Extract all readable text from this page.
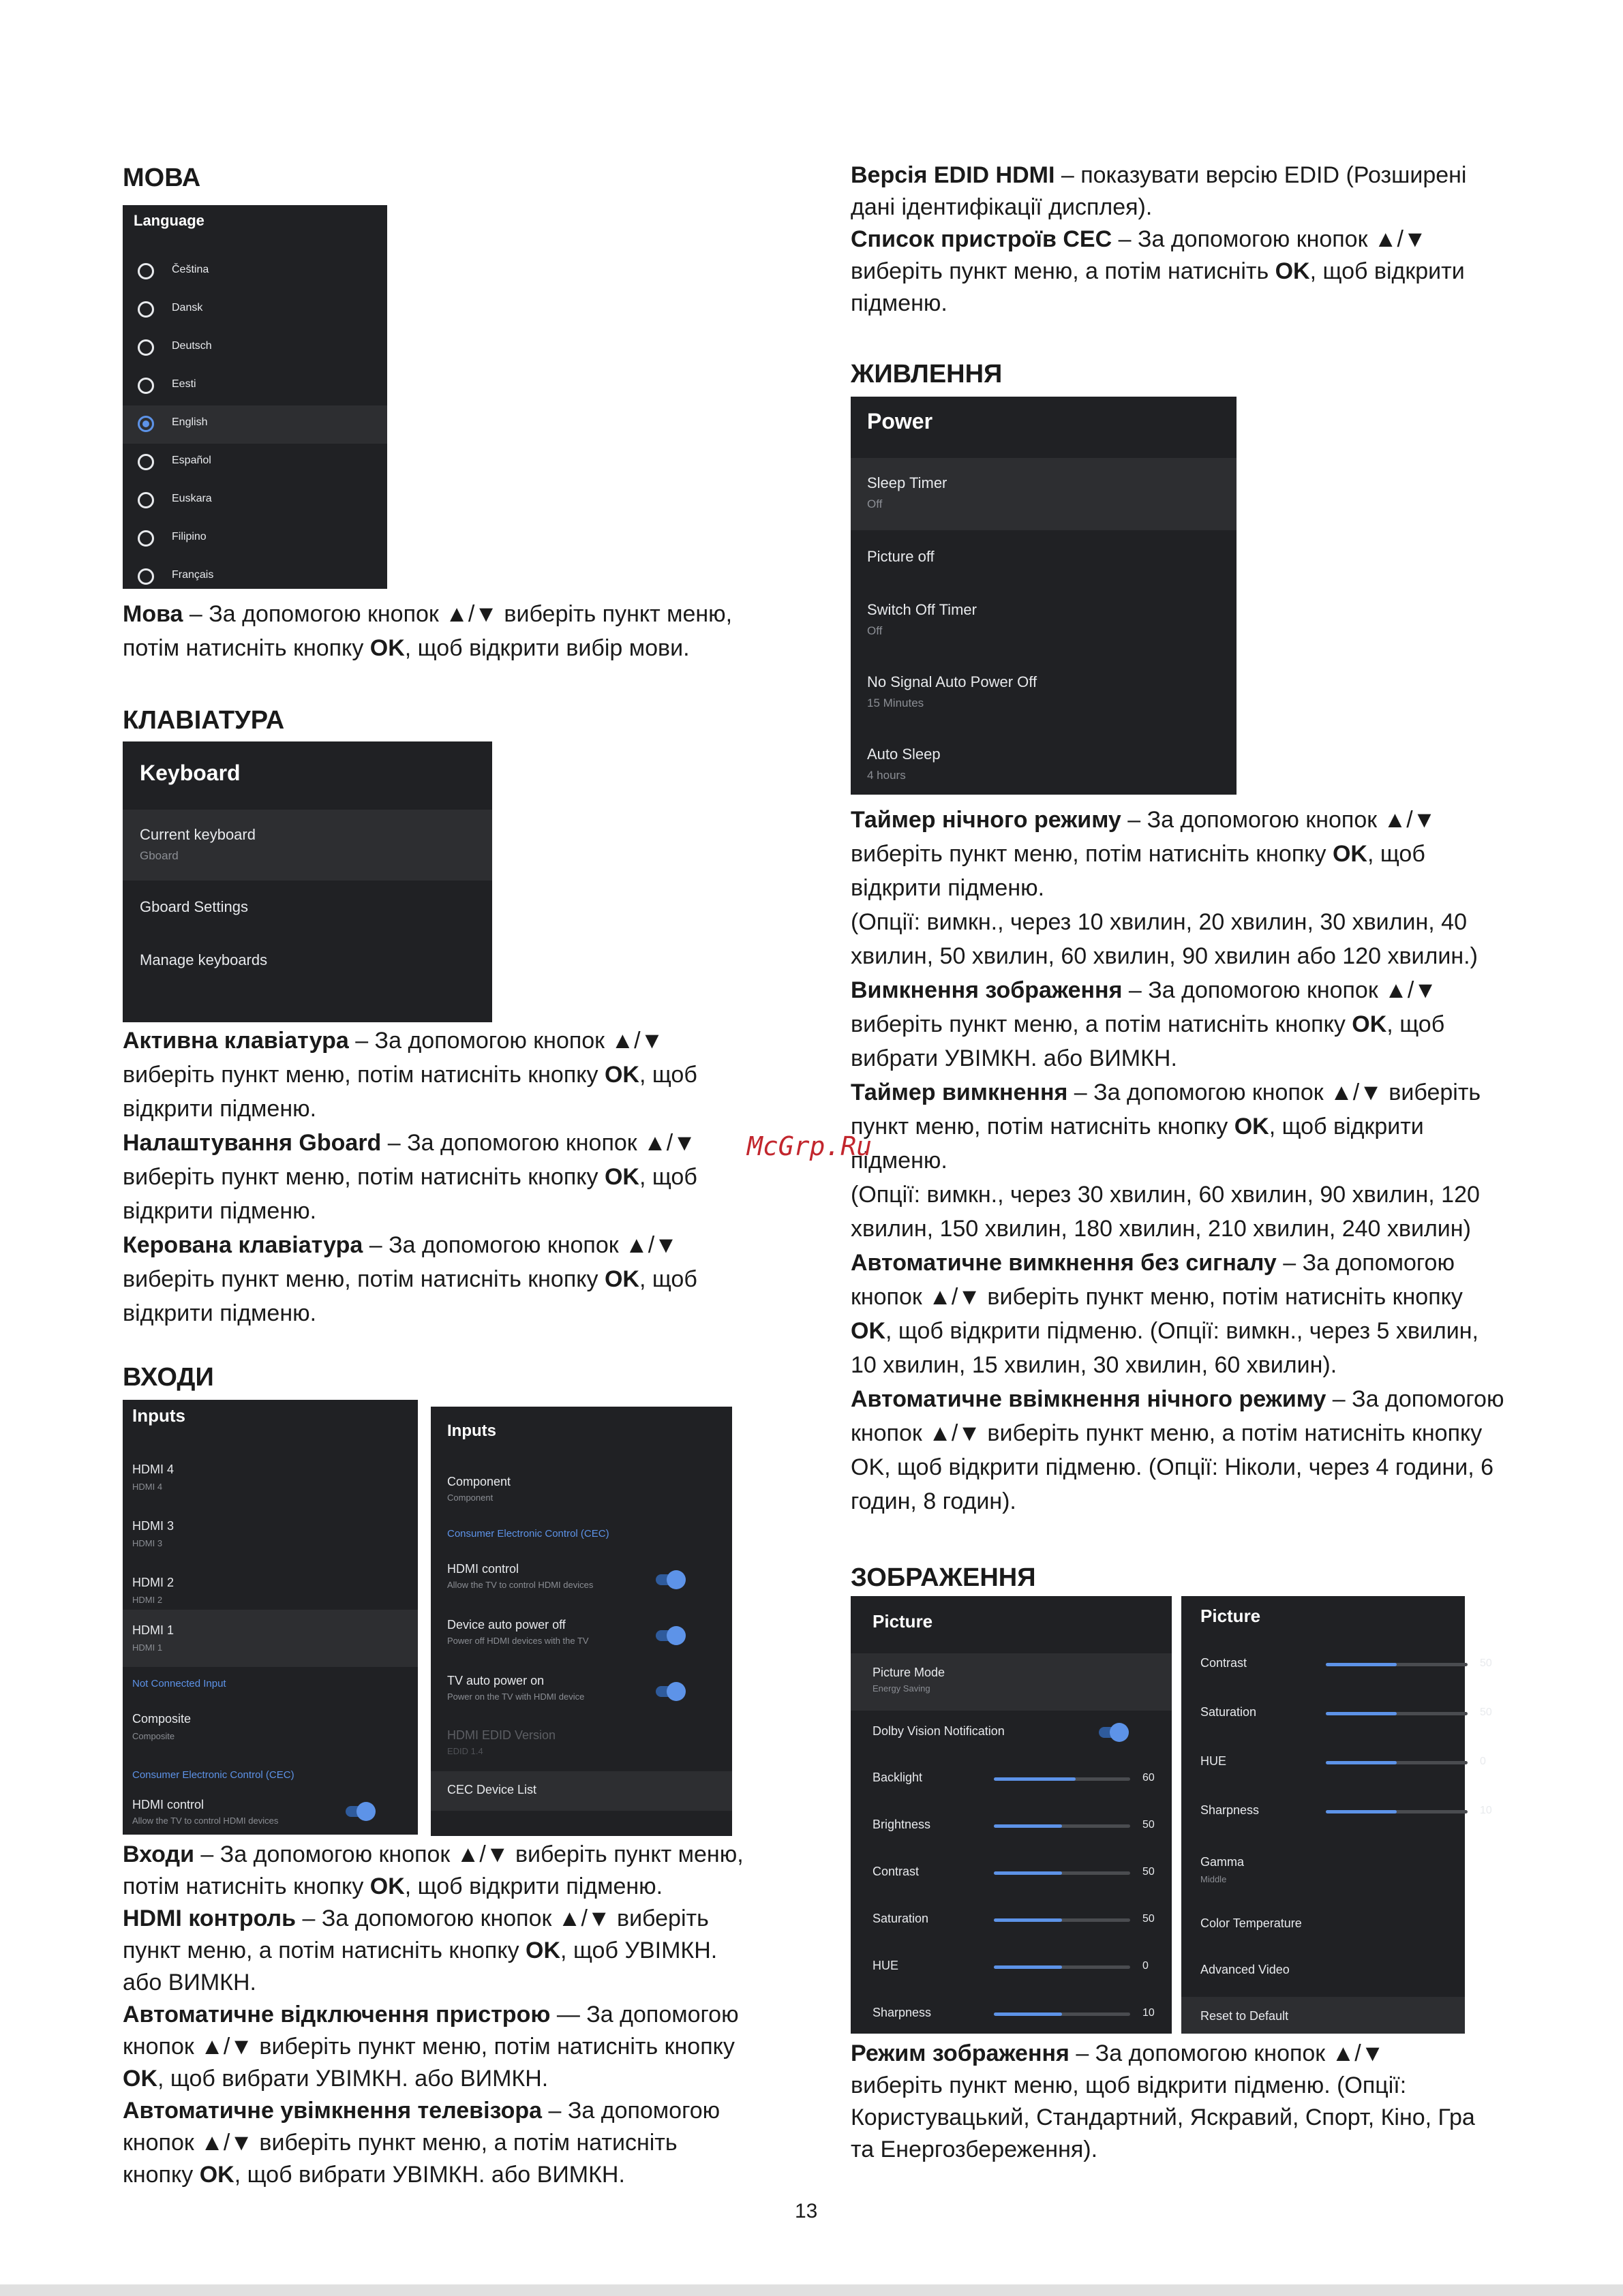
МОВА
Language
Čeština
Dansk
Deutsch
Eesti
English
Español
Euskara
Filipino
Français

Мова – За допомогою кнопок ▲/▼ виберіть пункт меню,
потім натисніть кнопку OK, щоб відкрити вибір мови.

КЛАВІАТУРА
Keyboard
Current keyboard
Gboard
Gboard Settings
Manage keyboards

Активна клавіатура – За допомогою кнопок ▲/▼
виберіть пункт меню, потім натисніть кнопку OK, щоб
відкрити підменю.
Налаштування Gboard – За допомогою кнопок ▲/▼
виберіть пункт меню, потім натисніть кнопку OK, щоб
відкрити підменю.
Керована клавіатура – За допомогою кнопок ▲/▼
виберіть пункт меню, потім натисніть кнопку OK, щоб
відкрити підменю.

ВХОДИ
Inputs
HDMI 4
HDMI 4
HDMI 3
HDMI 3
HDMI 2
HDMI 2
HDMI 1
HDMI 1
Not Connected Input
Composite
Composite
Consumer Electronic Control (CEC)
HDMI control
Allow the TV to control HDMI devices
Inputs
Component
Component
Consumer Electronic Control (CEC)
HDMI control
Allow the TV to control HDMI devices
Device auto power off
Power off HDMI devices with the TV
TV auto power on
Power on the TV with HDMI device
HDMI EDID Version
EDID 1.4
CEC Device List

Входи – За допомогою кнопок ▲/▼ виберіть пункт меню,
потім натисніть кнопку OK, щоб відкрити підменю.
HDMI контроль – За допомогою кнопок ▲/▼ виберіть
пункт меню, а потім натисніть кнопку OK, щоб УВІМКН.
або ВИМКН.
Автоматичне відключення пристрою — За допомогою
кнопок ▲/▼ виберіть пункт меню, потім натисніть кнопку
OK, щоб вибрати УВІМКН. або ВИМКН.
Автоматичне увімкнення телевізора – За допомогою
кнопок ▲/▼ виберіть пункт меню, а потім натисніть
кнопку OK, щоб вибрати УВІМКН. або ВИМКН.

Версія EDID HDMI – показувати версію EDID (Розширені
дані ідентифікації дисплея).
Список пристроїв CEC – За допомогою кнопок ▲/▼
виберіть пункт меню, а потім натисніть OK, щоб відкрити
підменю.

ЖИВЛЕННЯ
Power
Sleep Timer
Off
Picture off
Switch Off Timer
Off
No Signal Auto Power Off
15 Minutes
Auto Sleep
4 hours

Таймер нічного режиму – За допомогою кнопок ▲/▼
виберіть пункт меню, потім натисніть кнопку OK, щоб
відкрити підменю.
(Опції: вимкн., через 10 хвилин, 20 хвилин, 30 хвилин, 40
хвилин, 50 хвилин, 60 хвилин, 90 хвилин або 120 хвилин.)
Вимкнення зображення – За допомогою кнопок ▲/▼
виберіть пункт меню, а потім натисніть кнопку OK, щоб
вибрати УВІМКН. або ВИМКН.
Таймер вимкнення – За допомогою кнопок ▲/▼ виберіть
пункт меню, потім натисніть кнопку OK, щоб відкрити
підменю.
(Опції: вимкн., через 30 хвилин, 60 хвилин, 90 хвилин, 120
хвилин, 150 хвилин, 180 хвилин, 210 хвилин, 240 хвилин)
Автоматичне вимкнення без сигналу – За допомогою
кнопок ▲/▼ виберіть пункт меню, потім натисніть кнопку
OK, щоб відкрити підменю. (Опції: вимкн., через 5 хвилин,
10 хвилин, 15 хвилин, 30 хвилин, 60 хвилин).
Автоматичне ввімкнення нічного режиму – За допомогою
кнопок ▲/▼ виберіть пункт меню, а потім натисніть кнопку
OK, щоб відкрити підменю. (Опції: Ніколи, через 4 години, 6
годин, 8 годин).

McGrp.Ru
ЗОБРАЖЕННЯ
Picture
Picture Mode
Energy Saving
Dolby Vision Notification
Backlight	60
Brightness	50
Contrast	50
Saturation	50
HUE	0
Sharpness	10
Picture
Contrast	50
Saturation	50
HUE	0
Sharpness	10
Gamma
Middle
Color Temperature
Advanced Video
Reset to Default

Режим зображення – За допомогою кнопок ▲/▼
виберіть пункт меню, щоб відкрити підменю. (Опції:
Користувацький, Стандартний, Яскравий, Спорт, Кіно, Гра
та Енергозбереження).

13
